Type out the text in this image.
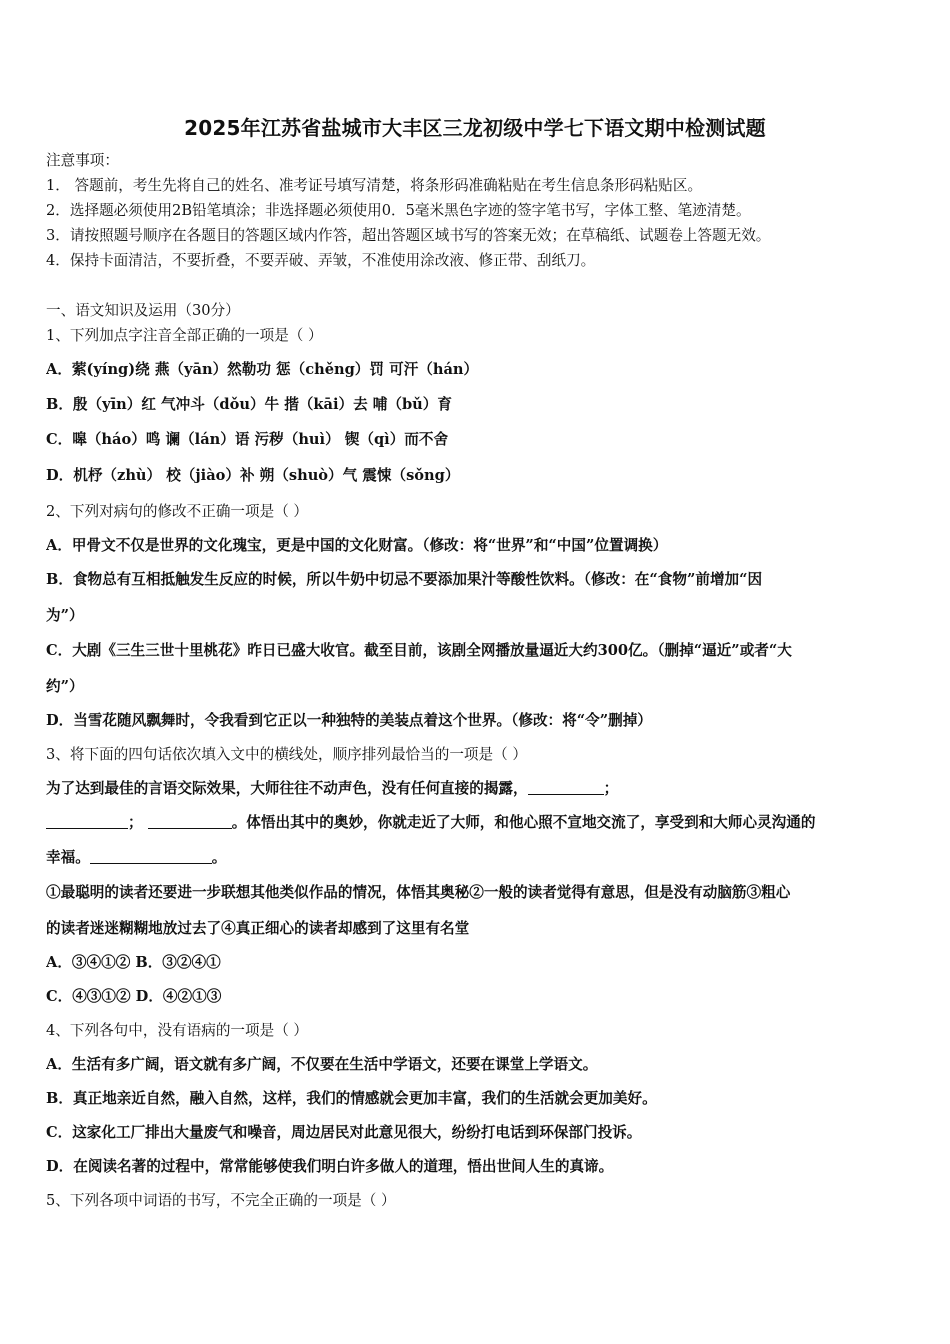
2025年江苏省盐城市大丰区三龙初级中学七下语文期中检测试题
注意事项：
1． 答题前，考生先将自己的姓名、准考证号填写清楚，将条形码准确粘贴在考生信息条形码粘贴区。
2．选择题必须使用2B铅笔填涂；非选择题必须使用0．5毫米黑色字迹的签字笔书写，字体工整、笔迹清楚。
3．请按照题号顺序在各题目的答题区域内作答，超出答题区域书写的答案无效；在草稿纸、试题卷上答题无效。
4．保持卡面清洁，不要折叠，不要弄破、弄皱，不准使用涂改液、修正带、刮纸刀。
一、语文知识及运用（30分）
1、下列加点字注音全部正确的一项是（ ）
A．萦(yíng)绕 燕（yān）然勒功 惩（chěng）罚 可汗（hán）
B．殷（yīn）红 气冲斗（dǒu）牛 揩（kāi）去 哺（bǔ）育
C．嗥（háo）鸣 谰（lán）语 污秽（huì） 锲（qì）而不舍
D．机杼（zhù） 校（jiào）补 朔（shuò）气 震悚（sǒng）
2、下列对病句的修改不正确一项是（ ）
A．甲骨文不仅是世界的文化瑰宝，更是中国的文化财富。（修改：将“世界”和“中国”位置调换）
B．食物总有互相抵触发生反应的时候，所以牛奶中切忌不要添加果汁等酸性饮料。（修改：在“食物”前增加“因
为”）
C．大剧《三生三世十里桃花》昨日已盛大收官。截至目前，该剧全网播放量逼近大约300亿。（删掉“逼近”或者“大
约”）
D．当雪花随风飘舞时，令我看到它正以一种独特的美装点着这个世界。（修改：将“令”删掉）
3、将下面的四句话依次填入文中的横线处，顺序排列最恰当的一项是（ ）
为了达到最佳的言语交际效果，大师往往不动声色，没有任何直接的揭露，	；
；	。体悟出其中的奥妙，你就走近了大师，和他心照不宣地交流了，享受到和大师心灵沟通的
幸福。	。
①最聪明的读者还要进一步联想其他类似作品的情况，体悟其奥秘②一般的读者觉得有意思，但是没有动脑筋③粗心
的读者迷迷糊糊地放过去了④真正细心的读者却感到了这里有名堂
A．③④①② B．③②④①
C．④③①② D．④②①③
4、下列各句中，没有语病的一项是（ ）
A．生活有多广阔，语文就有多广阔，不仅要在生活中学语文，还要在课堂上学语文。
B．真正地亲近自然，融入自然，这样，我们的情感就会更加丰富，我们的生活就会更加美好。
C．这家化工厂排出大量废气和噪音，周边居民对此意见很大，纷纷打电话到环保部门投诉。
D．在阅读名著的过程中，常常能够使我们明白许多做人的道理，悟出世间人生的真谛。
5、下列各项中词语的书写，不完全正确的一项是（ ）
